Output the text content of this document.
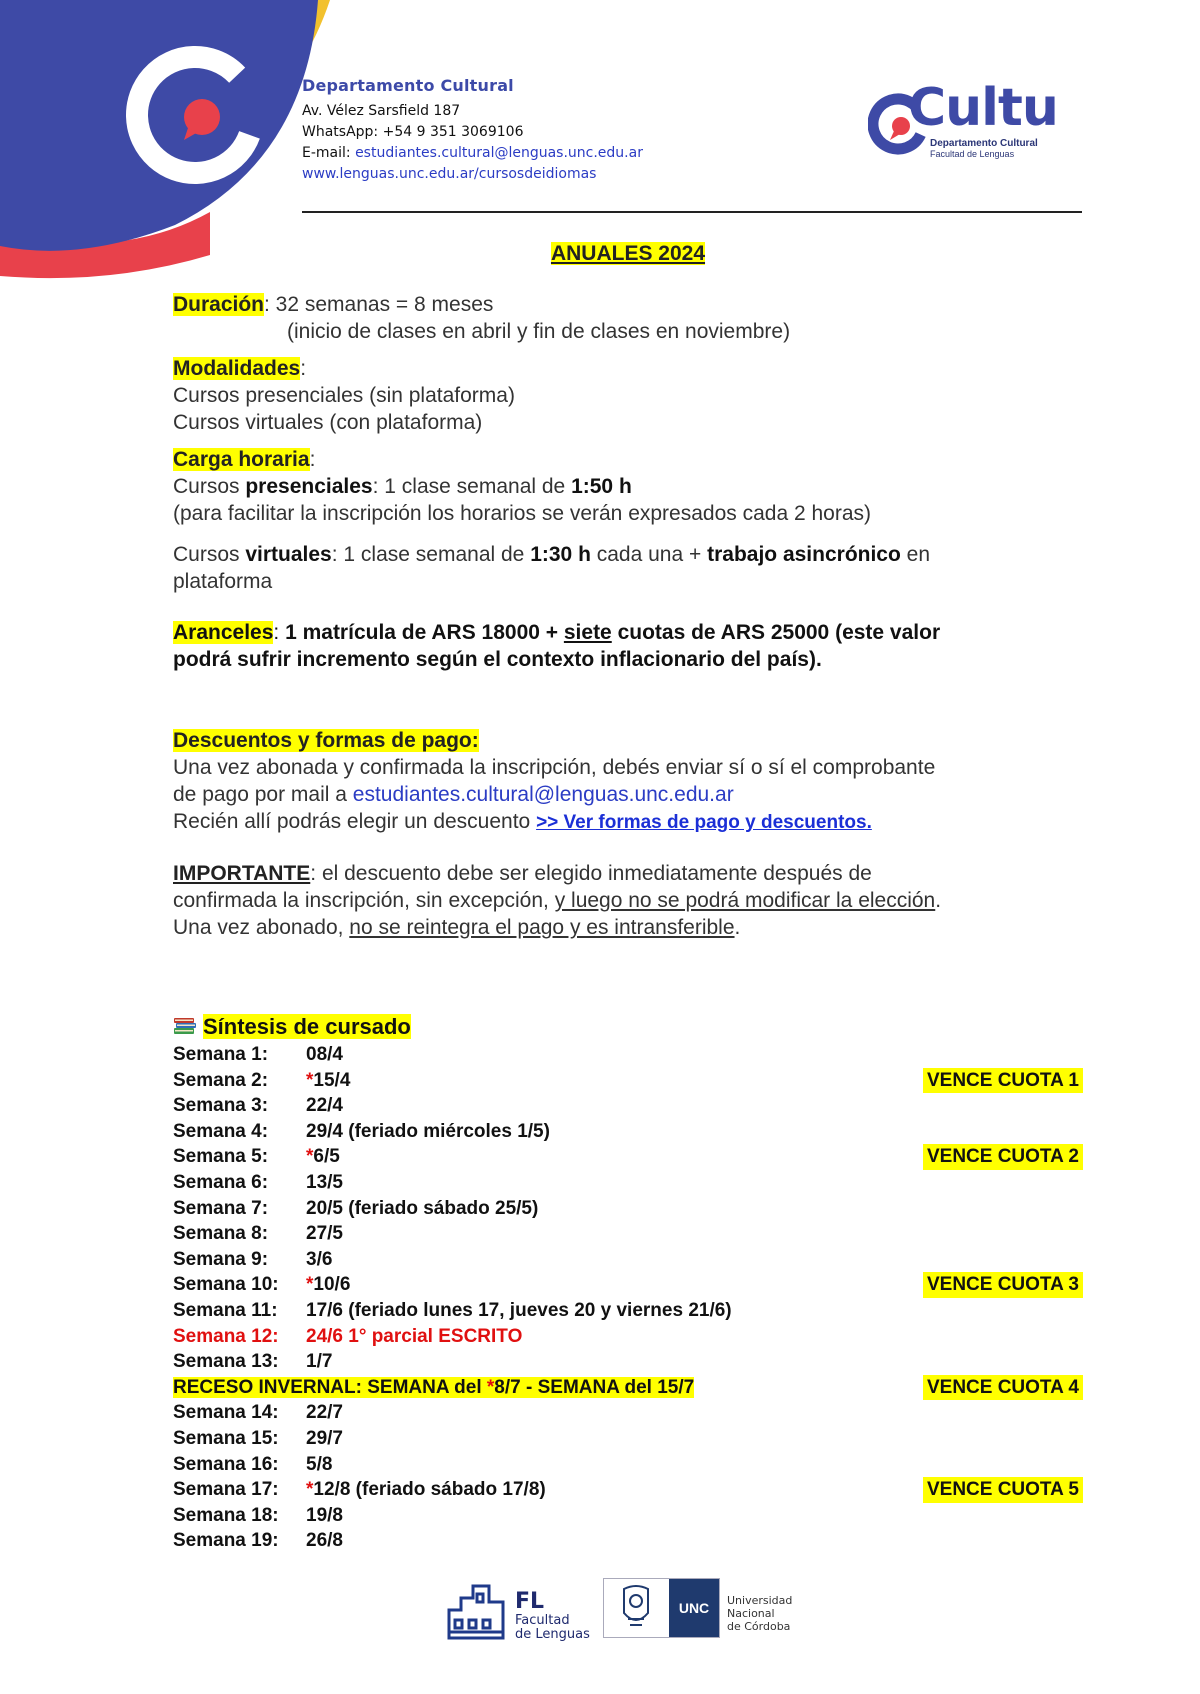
Departamento Cultural
Av. Vélez Sarsfield 187
WhatsApp: +54 9 351 3069106
E-mail: estudiantes.cultural@lenguas.unc.edu.ar
www.lenguas.unc.edu.ar/cursosdeidiomas
Cultu
Departamento Cultural
Facultad de Lenguas

ANUALES 2024

Duración: 32 semanas = 8 meses

(inicio de clases en abril y fin de clases en noviembre)

Modalidades:

Cursos presenciales (sin plataforma)

Cursos virtuales (con plataforma)

Carga horaria:

Cursos presenciales: 1 clase semanal de 1:50 h

(para facilitar la inscripción los horarios se verán expresados cada 2 horas)

Cursos virtuales: 1 clase semanal de 1:30 h cada una + trabajo asincrónico en

plataforma

Aranceles: 1 matrícula de ARS 18000 + siete cuotas de ARS 25000 (este valor

podrá sufrir incremento según el contexto inflacionario del país).

Descuentos y formas de pago:

Una vez abonada y confirmada la inscripción, debés enviar sí o sí el comprobante

de pago por mail a estudiantes.cultural@lenguas.unc.edu.ar

Recién allí podrás elegir un descuento >> Ver formas de pago y descuentos.

IMPORTANTE: el descuento debe ser elegido inmediatamente después de

confirmada la inscripción, sin excepción, y luego no se podrá modificar la elección.

Una vez abonado, no se reintegra el pago y es intransferible.

Síntesis de cursado
Semana 1: 08/4
Semana 2: *15/4	VENCE CUOTA 1
Semana 3: 22/4
Semana 4: 29/4 (feriado miércoles 1/5)
Semana 5: *6/5	VENCE CUOTA 2
Semana 6: 13/5
Semana 7: 20/5 (feriado sábado 25/5)
Semana 8: 27/5
Semana 9: 3/6
Semana 10: *10/6	VENCE CUOTA 3
Semana 11: 17/6 (feriado lunes 17, jueves 20 y viernes 21/6)
Semana 12: 24/6 1° parcial ESCRITO
Semana 13: 1/7
RECESO INVERNAL: SEMANA del *8/7 - SEMANA del 15/7	VENCE CUOTA 4
Semana 14: 22/7
Semana 15: 29/7
Semana 16: 5/8
Semana 17: *12/8 (feriado sábado 17/8)	VENCE CUOTA 5
Semana 18: 19/8
Semana 19: 26/8
FL
Facultad
de Lenguas
UNC	Universidad
Nacional
de Córdoba
